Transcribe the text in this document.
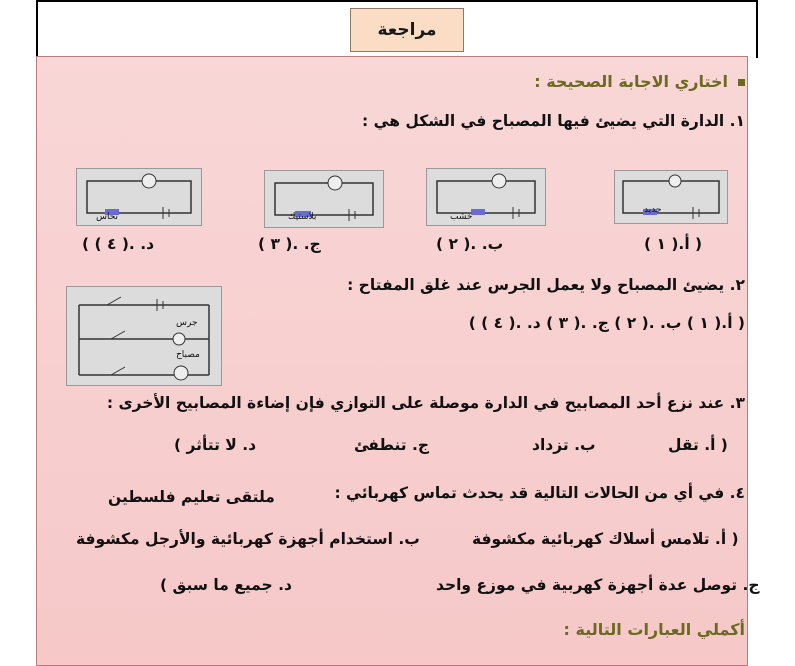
مراجعة
اختاري الاجابة الصحيحة :
١. الدارة التي يضيئ فيها المصباح في الشكل هي :
حديد
خشب
بلاستيك
نحاس
( أ.( ١ )
ب. .( ٢ )
ج. .( ٣ )
د. .( ٤ ) )
٢. يضيئ المصباح ولا يعمل الجرس عند غلق المفتاح :
( أ.( ١ ) ب. .( ٢ ) ج. .( ٣ ) د. .( ٤ ) )
جرس
مصباح
٣. عند نزع أحد المصابيح في الدارة موصلة على التوازي فإن إضاءة المصابيح الأخرى :
( أ. تقل
ب. تزداد
ج. تنطفئ
د. لا تتأثر )
٤. في أي من الحالات التالية قد يحدث تماس كهربائي :
ملتقى تعليم فلسطين
( أ. تلامس أسلاك كهربائية مكشوفة
ب. استخدام أجهزة كهربائية والأرجل مكشوفة
ج. توصل عدة أجهزة كهربية في موزع واحد
د. جميع ما سبق )
أكملي العبارات التالية :
